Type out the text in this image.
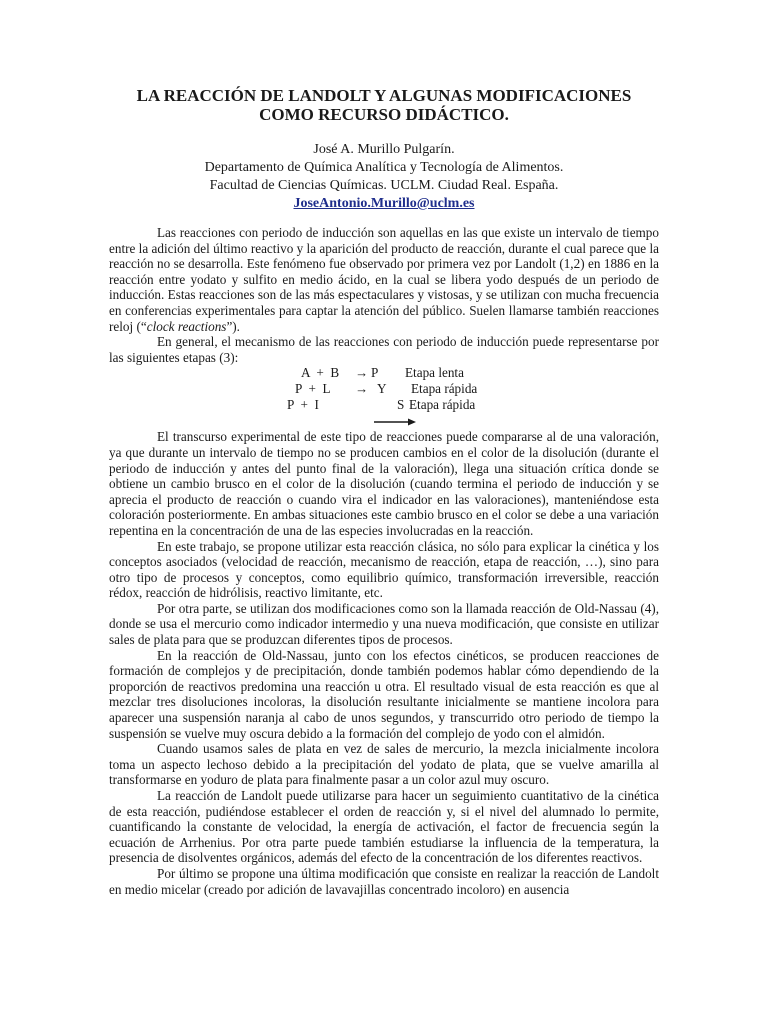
LA REACCIÓN DE LANDOLT Y ALGUNAS MODIFICACIONES
COMO RECURSO DIDÁCTICO.
José A. Murillo Pulgarín.
Departamento de Química Analítica y Tecnología de Alimentos.
Facultad de Ciencias Químicas. UCLM. Ciudad Real. España.
JoseAntonio.Murillo@uclm.es

Las reacciones con periodo de inducción son aquellas en las que existe un intervalo de tiempo entre la adición del último reactivo y la aparición del producto de reacción, durante el cual parece que la reacción no se desarrolla. Este fenómeno fue observado por primera vez por Landolt (1,2) en 1886 en la reacción entre yodato y sulfito en medio ácido, en la cual se libera yodo después de un periodo de inducción. Estas reacciones son de las más espectaculares y vistosas, y se utilizan con mucha frecuencia en conferencias experimentales para captar la atención del público. Suelen llamarse también reacciones reloj (“clock reactions”).

En general, el mecanismo de las reacciones con periodo de inducción puede representarse por las siguientes etapas (3):

A  +  B → P Etapa lenta
P  +  L → Y Etapa rápida
P  +  I

	S Etapa rápida

El transcurso experimental de este tipo de reacciones puede compararse al de una valoración, ya que durante un intervalo de tiempo no se producen cambios en el color de la disolución (durante el periodo de inducción y antes del punto final de la valoración), llega una situación crítica donde se obtiene un cambio brusco en el color de la disolución (cuando termina el periodo de inducción y se aprecia el producto de reacción o cuando vira el indicador en las valoraciones), manteniéndose esta coloración posteriormente. En ambas situaciones este cambio brusco en el color se debe a una variación repentina en la concentración de una de las especies involucradas en la reacción.

En este trabajo, se propone utilizar esta reacción clásica, no sólo para explicar la cinética y los conceptos asociados (velocidad de reacción, mecanismo de reacción, etapa de reacción, …), sino para otro tipo de procesos y conceptos, como equilibrio químico, transformación irreversible, reacción rédox, reacción de hidrólisis, reactivo limitante, etc.

Por otra parte, se utilizan dos modificaciones como son la llamada reacción de Old-Nassau (4), donde se usa el mercurio como indicador intermedio y una nueva modificación, que consiste en utilizar sales de plata para que se produzcan diferentes tipos de procesos.

En la reacción de Old-Nassau, junto con los efectos cinéticos, se producen reacciones de formación de complejos y de precipitación, donde también podemos hablar cómo dependiendo de la proporción de reactivos predomina una reacción u otra. El resultado visual de esta reacción es que al mezclar tres disoluciones incoloras, la disolución resultante inicialmente se mantiene incolora para aparecer una suspensión naranja al cabo de unos segundos, y transcurrido otro periodo de tiempo la suspensión se vuelve muy oscura debido a la formación del complejo de yodo con el almidón.

Cuando usamos sales de plata en vez de sales de mercurio, la mezcla inicialmente incolora toma un aspecto lechoso debido a la precipitación del yodato de plata, que se vuelve amarilla al transformarse en yoduro de plata para finalmente pasar a un color azul muy oscuro.

La reacción de Landolt puede utilizarse para hacer un seguimiento cuantitativo de la cinética de esta reacción, pudiéndose establecer el orden de reacción y, si el nivel del alumnado lo permite, cuantificando la constante de velocidad, la energía de activación, el factor de frecuencia según la ecuación de Arrhenius. Por otra parte puede también estudiarse la influencia de la temperatura, la presencia de disolventes orgánicos, además del efecto de la concentración de los diferentes reactivos.

Por último se propone una última modificación que consiste en realizar la reacción de Landolt en medio micelar (creado por adición de lavavajillas concentrado incoloro) en ausencia
